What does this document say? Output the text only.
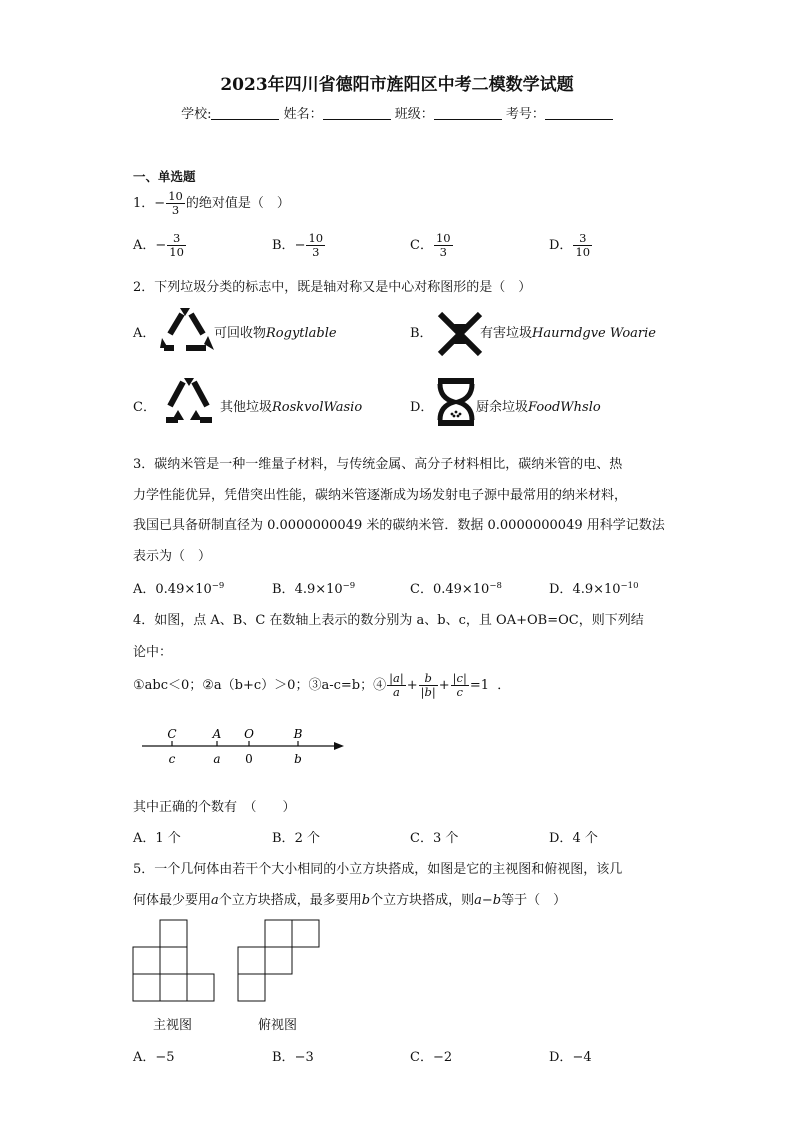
2023年四川省德阳市旌阳区中考二模数学试题
学校:	姓名：	班级：	考号：
一、单选题
1．− $\frac{10}{3}$ 的绝对值是（　）
A．− $\frac{3}{10}$	B．− $\frac{10}{3}$	C． $\frac{10}{3}$	D． $\frac{3}{10}$
2．下列垃圾分类的标志中，既是轴对称又是中心对称图形的是（　）
A．	可回收物Rogytlable	B．	有害垃圾Haurndgve Woarie
C．	其他垃圾RoskvolWasio	D．	厨余垃圾FoodWhslo
3．碳纳米管是一种一维量子材料，与传统金属、高分子材料相比，碳纳米管的电、热
力学性能优异，凭借突出性能，碳纳米管逐渐成为场发射电子源中最常用的纳米材料，
我国已具备研制直径为 0.0000000049 米的碳纳米管．数据 0.0000000049 用科学记数法
表示为（　）
A．$0.49\times 10^{-9}$	B．$4.9\times 10^{-9}$	C．$0.49\times 10^{-8}$	D．$4.9\times 10^{-10}$
4．如图，点 A、B、C 在数轴上表示的数分别为 a、b、c，且 OA+OB=OC，则下列结
论中：
①abc＜0；②a（b+c）＞0；③a-c=b；④ $\frac{|a|}{a} + \frac{b}{|b|} + \frac{|c|}{c} =1$ ．
C	A O	B
c	a 0	b
其中正确的个数有　（　　）
A．1 个	B．2 个	C．3 个	D．4 个
5．一个几何体由若干个大小相同的小立方块搭成，如图是它的主视图和俯视图，该几
何体最少要用a个立方块搭成，最多要用b个立方块搭成，则a−b等于（　）
主视图	俯视图
A．−5	B．−3	C．−2	D．−4
